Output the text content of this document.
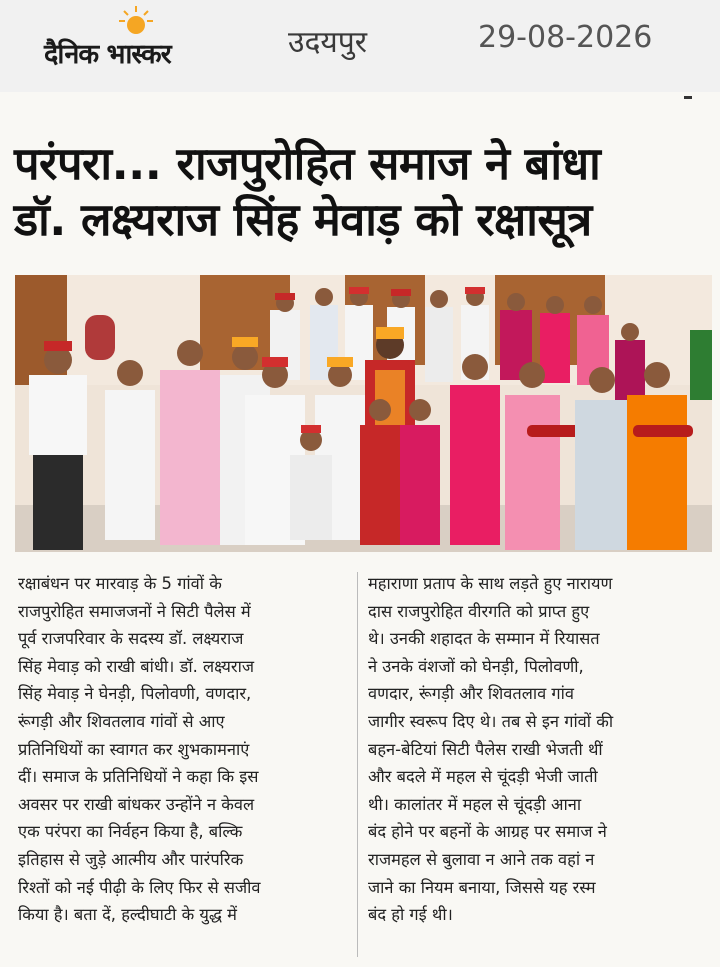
दैनिक भास्कर	उदयपुर	29-08-2026
परंपरा... राजपुरोहित समाज ने बांधा
डॉ. लक्ष्यराज सिंह मेवाड़ को रक्षासूत्र
रक्षाबंधन पर मारवाड़ के 5 गांवों के
राजपुरोहित समाजजनों ने सिटी पैलेस में
पूर्व राजपरिवार के सदस्य डॉ. लक्ष्यराज
सिंह मेवाड़ को राखी बांधी। डॉ. लक्ष्यराज
सिंह मेवाड़ ने घेनड़ी, पिलोवणी, वणदार,
रूंगड़ी और शिवतलाव गांवों से आए
प्रतिनिधियों का स्वागत कर शुभकामनाएं
दीं। समाज के प्रतिनिधियों ने कहा कि इस
अवसर पर राखी बांधकर उन्होंने न केवल
एक परंपरा का निर्वहन किया है, बल्कि
इतिहास से जुड़े आत्मीय और पारंपरिक
रिश्तों को नई पीढ़ी के लिए फिर से सजीव
किया है। बता दें, हल्दीघाटी के युद्ध में
महाराणा प्रताप के साथ लड़ते हुए नारायण
दास राजपुरोहित वीरगति को प्राप्त हुए
थे। उनकी शहादत के सम्मान में रियासत
ने उनके वंशजों को घेनड़ी, पिलोवणी,
वणदार, रूंगड़ी और शिवतलाव गांव
जागीर स्वरूप दिए थे। तब से इन गांवों की
बहन-बेटियां सिटी पैलेस राखी भेजती थीं
और बदले में महल से चूंदड़ी भेजी जाती
थी। कालांतर में महल से चूंदड़ी आना
बंद होने पर बहनों के आग्रह पर समाज ने
राजमहल से बुलावा न आने तक वहां न
जाने का नियम बनाया, जिससे यह रस्म
बंद हो गई थी।
